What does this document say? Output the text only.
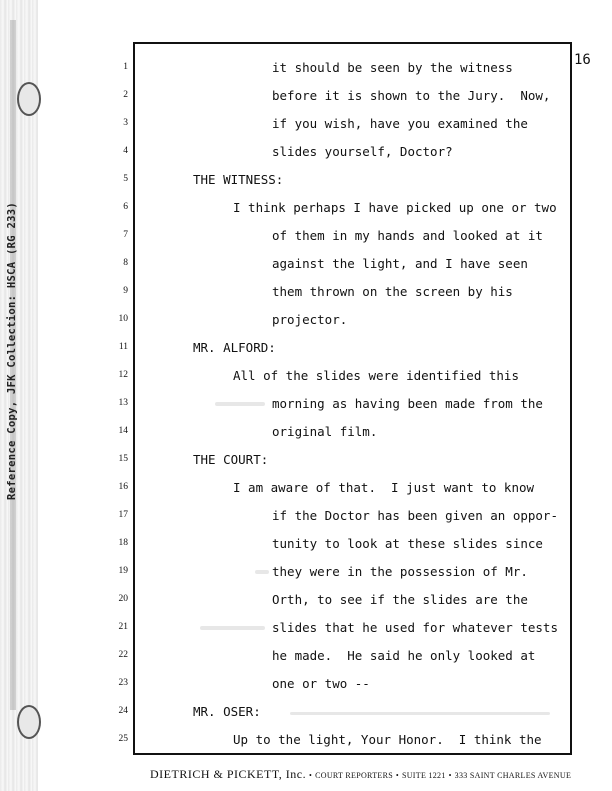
Reference Copy, JFK Collection: HSCA (RG 233)
16
1
2
3
4
5
6
7
8
9
10
11
12
13
14
15
16
17
18
19
20
21
22
23
24
25
it should be seen by the witness
before it is shown to the Jury.  Now,
if you wish, have you examined the
slides yourself, Doctor?
THE WITNESS:
I think perhaps I have picked up one or two
of them in my hands and looked at it
against the light, and I have seen
them thrown on the screen by his
projector.
MR. ALFORD:
All of the slides were identified this
morning as having been made from the
original film.
THE COURT:
I am aware of that.  I just want to know
if the Doctor has been given an oppor-
tunity to look at these slides since
they were in the possession of Mr.
Orth, to see if the slides are the
slides that he used for whatever tests
he made.  He said he only looked at
one or two --
MR. OSER:
Up to the light, Your Honor.  I think the
DIETRICH & PICKETT, Inc. • COURT REPORTERS • SUITE 1221 • 333 SAINT CHARLES AVENUE
